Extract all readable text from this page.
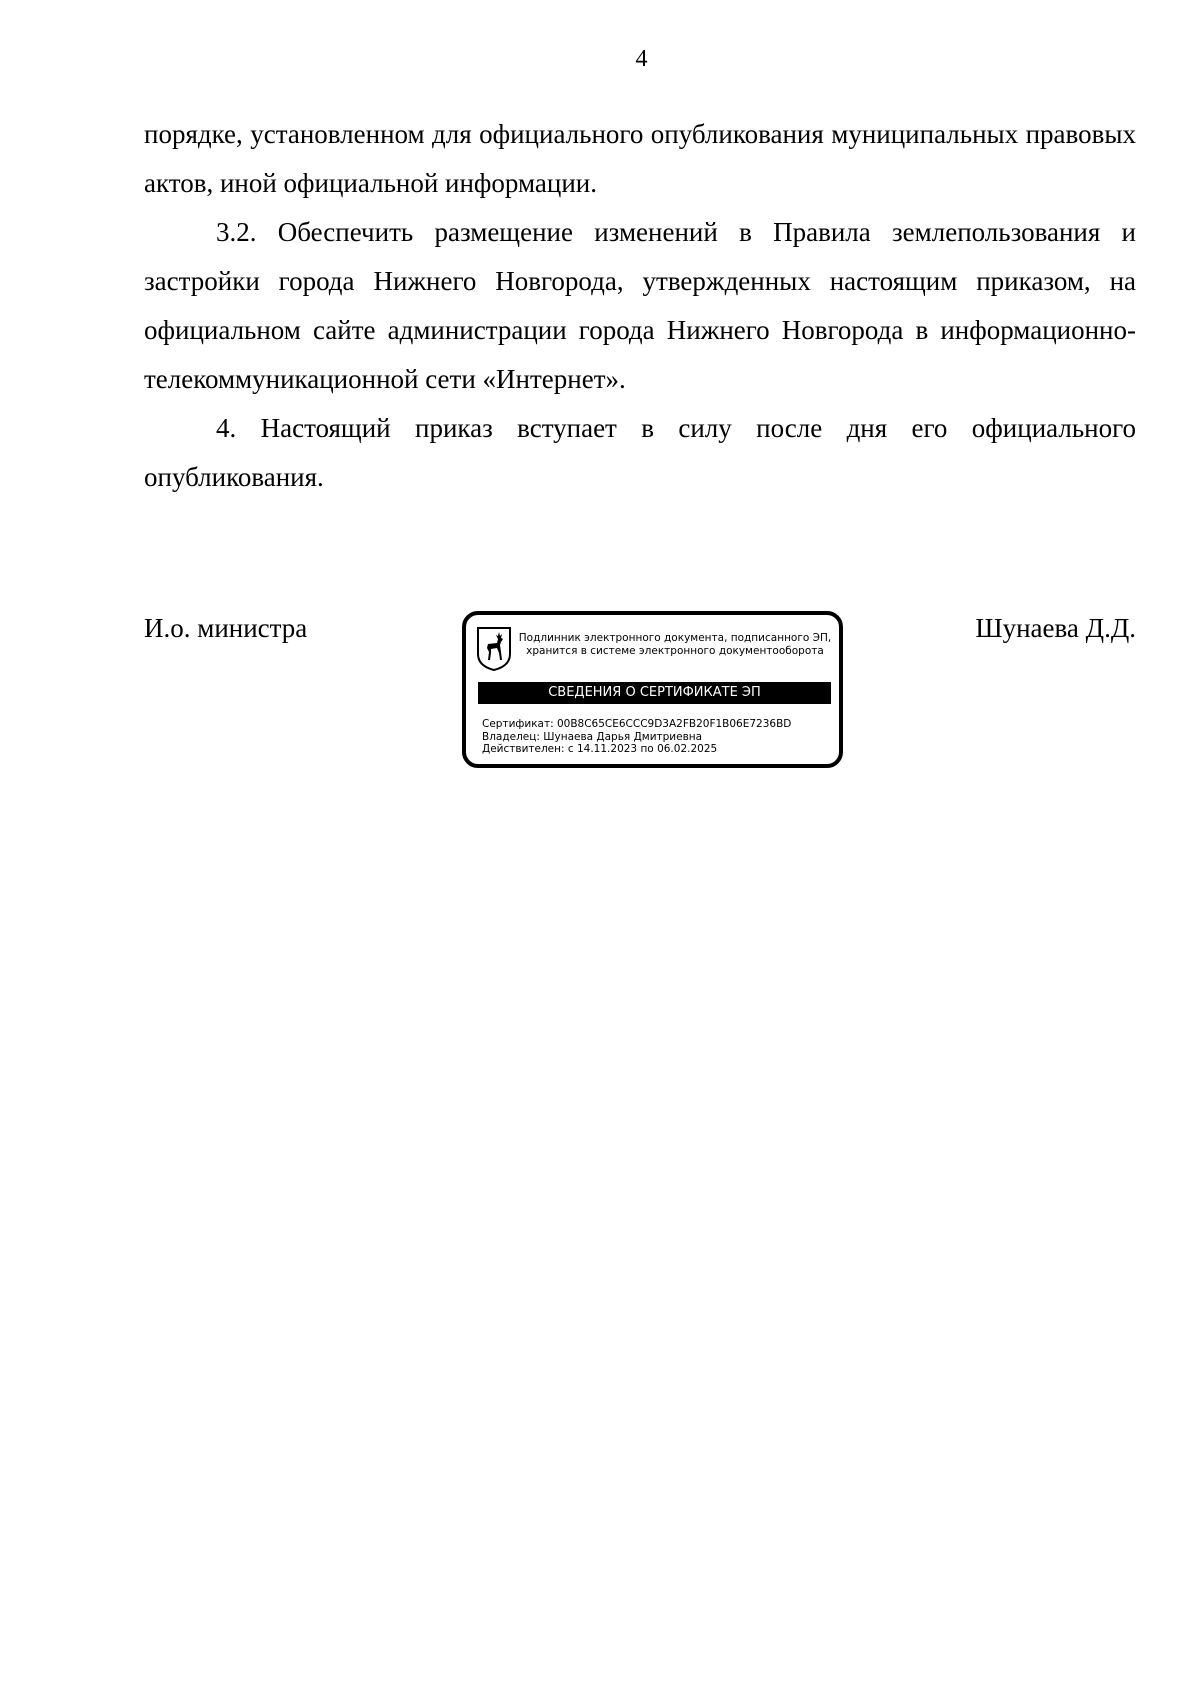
4

порядке, установленном для официального опубликования муниципальных правовых актов, иной официальной информации.

3.2. Обеспечить размещение изменений в Правила землепользования и застройки города Нижнего Новгорода, утвержденных настоящим приказом, на официальном сайте администрации города Нижнего Новгорода в информационно-телекоммуникационной сети «Интернет».

4. Настоящий приказ вступает в силу после дня его официального опубликования.

И.о. министра	Шунаева Д.Д.
Подлинник электронного документа, подписанного ЭП,
хранится в системе электронного документооборота
СВЕДЕНИЯ О СЕРТИФИКАТЕ ЭП
Сертификат: 00B8C65CE6CCC9D3A2FB20F1B06E7236BD
Владелец: Шунаева Дарья Дмитриевна
Действителен: с 14.11.2023 по 06.02.2025
